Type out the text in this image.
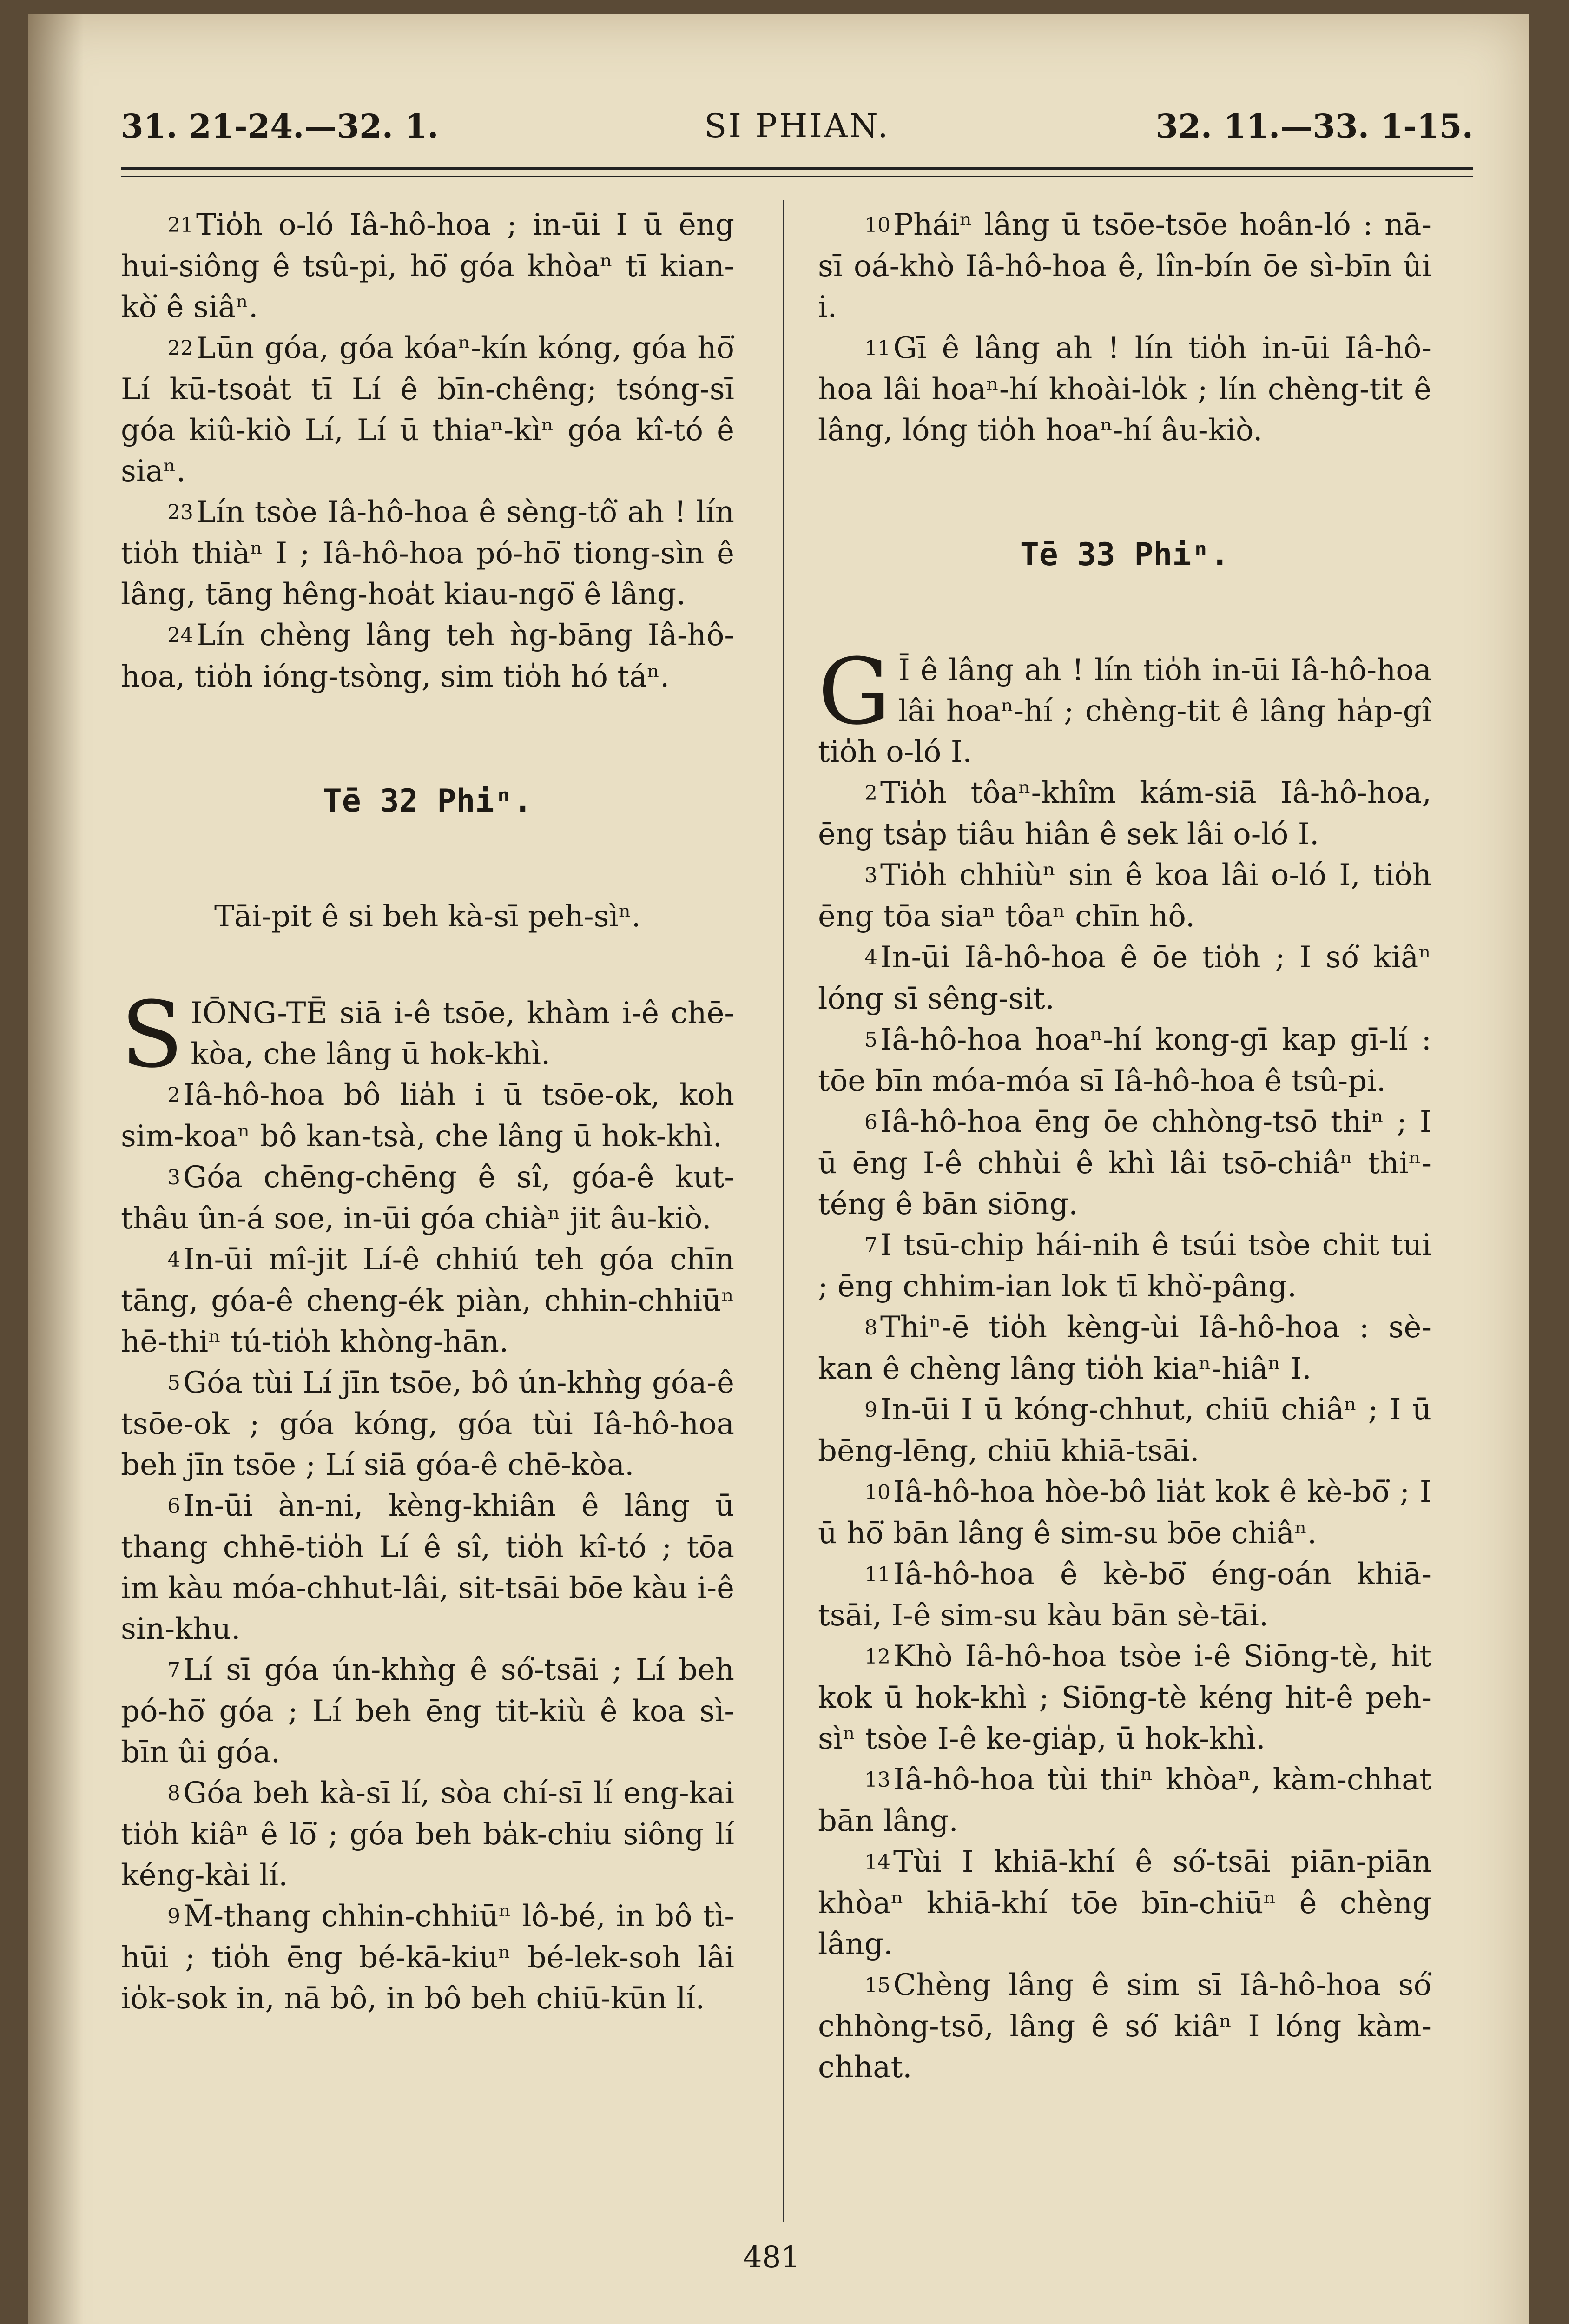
31. 21-24.—32. 1.	SI PHIAN.	32. 11.—33. 1-15.

21Tio̍h o-ló Iâ-hô-hoa ; in-ūi I ū ēng hui-siông ê tsû-pi, hō͘ góa khòaⁿ tī kian-kò͘ ê siâⁿ.

22Lūn góa, góa kóaⁿ-kín kóng, góa hō͘ Lí kū-tsoa̍t tī Lí ê bīn-chêng; tsóng-sī góa kiû-kiò Lí, Lí ū thiaⁿ-kìⁿ góa kî-tó ê siaⁿ.

23Lín tsòe Iâ-hô-hoa ê sèng-tô͘ ah ! lín tio̍h thiàⁿ I ; Iâ-hô-hoa pó-hō͘ tiong-sìn ê lâng, tāng hêng-hoa̍t kiau-ngō͘ ê lâng.

24Lín chèng lâng teh ǹg-bāng Iâ-hô-hoa, tio̍h ióng-tsòng, sim tio̍h hó táⁿ.

Tē 32 Phiⁿ.
Tāi-pit ê si beh kà-sī peh-sìⁿ.

SIŌNG-TĒ siā i-ê tsōe, khàm i-ê chē-kòa, che lâng ū hok-khì.

2Iâ-hô-hoa bô lia̍h i ū tsōe-ok, koh sim-koaⁿ bô kan-tsà, che lâng ū hok-khì.

3Góa chēng-chēng ê sî, góa-ê kut-thâu ûn-á soe, in-ūi góa chiàⁿ jit âu-kiò.

4In-ūi mî-jit Lí-ê chhiú teh góa chīn tāng, góa-ê cheng-ék piàn, chhin-chhiūⁿ hē-thiⁿ tú-tio̍h khòng-hān.

5Góa tùi Lí jīn tsōe, bô ún-khǹg góa-ê tsōe-ok ; góa kóng, góa tùi Iâ-hô-hoa beh jīn tsōe ; Lí siā góa-ê chē-kòa.

6In-ūi àn-ni, kèng-khiân ê lâng ū thang chhē-tio̍h Lí ê sî, tio̍h kî-tó ; tōa im kàu móa-chhut-lâi, sit-tsāi bōe kàu i-ê sin-khu.

7Lí sī góa ún-khǹg ê só͘-tsāi ; Lí beh pó-hō͘ góa ; Lí beh ēng tit-kiù ê koa sì-bīn ûi góa.

8Góa beh kà-sī lí, sòa chí-sī lí eng-kai tio̍h kiâⁿ ê lō͘ ; góa beh ba̍k-chiu siông lí kéng-kài lí.

9M̄-thang chhin-chhiūⁿ lô-bé, in bô tì-hūi ; tio̍h ēng bé-kā-kiuⁿ bé-lek-soh lâi io̍k-sok in, nā bô, in bô beh chiū-kūn lí.

10Pháiⁿ lâng ū tsōe-tsōe hoân-ló : nā-sī oá-khò Iâ-hô-hoa ê, lîn-bín ōe sì-bīn ûi i.

11Gī ê lâng ah ! lín tio̍h in-ūi Iâ-hô-hoa lâi hoaⁿ-hí khoài-lo̍k ; lín chèng-tit ê lâng, lóng tio̍h hoaⁿ-hí âu-kiò.

Tē 33 Phiⁿ.

G Ī ê lâng ah ! lín tio̍h in-ūi Iâ-hô-hoa lâi hoaⁿ-hí ; chèng-tit ê lâng ha̍p-gî tio̍h o-ló I.

2Tio̍h tôaⁿ-khîm kám-siā Iâ-hô-hoa, ēng tsa̍p tiâu hiân ê sek lâi o-ló I.

3Tio̍h chhiùⁿ sin ê koa lâi o-ló I, tio̍h ēng tōa siaⁿ tôaⁿ chīn hô.

4In-ūi Iâ-hô-hoa ê ōe tio̍h ; I só͘ kiâⁿ lóng sī sêng-sit.

5Iâ-hô-hoa hoaⁿ-hí kong-gī kap gī-lí : tōe bīn móa-móa sī Iâ-hô-hoa ê tsû-pi.

6Iâ-hô-hoa ēng ōe chhòng-tsō thiⁿ ; I ū ēng I-ê chhùi ê khì lâi tsō-chiâⁿ thiⁿ-téng ê bān siōng.

7I tsū-chip hái-nih ê tsúi tsòe chit tui ; ēng chhim-ian lok tī khò͘-pâng.

8Thiⁿ-ē tio̍h kèng-ùi Iâ-hô-hoa : sè-kan ê chèng lâng tio̍h kiaⁿ-hiâⁿ I.

9In-ūi I ū kóng-chhut, chiū chiâⁿ ; I ū bēng-lēng, chiū khiā-tsāi.

10Iâ-hô-hoa hòe-bô lia̍t kok ê kè-bō͘ ; I ū hō͘ bān lâng ê sim-su bōe chiâⁿ.

11Iâ-hô-hoa ê kè-bō͘ éng-oán khiā-tsāi, I-ê sim-su kàu bān sè-tāi.

12Khò Iâ-hô-hoa tsòe i-ê Siōng-tè, hit kok ū hok-khì ; Siōng-tè kéng hit-ê peh-sìⁿ tsòe I-ê ke-gia̍p, ū hok-khì.

13Iâ-hô-hoa tùi thiⁿ khòaⁿ, kàm-chhat bān lâng.

14Tùi I khiā-khí ê só͘-tsāi piān-piān khòaⁿ khiā-khí tōe bīn-chiūⁿ ê chèng lâng.

15Chèng lâng ê sim sī Iâ-hô-hoa só͘ chhòng-tsō, lâng ê só͘ kiâⁿ I lóng kàm-chhat.

481
